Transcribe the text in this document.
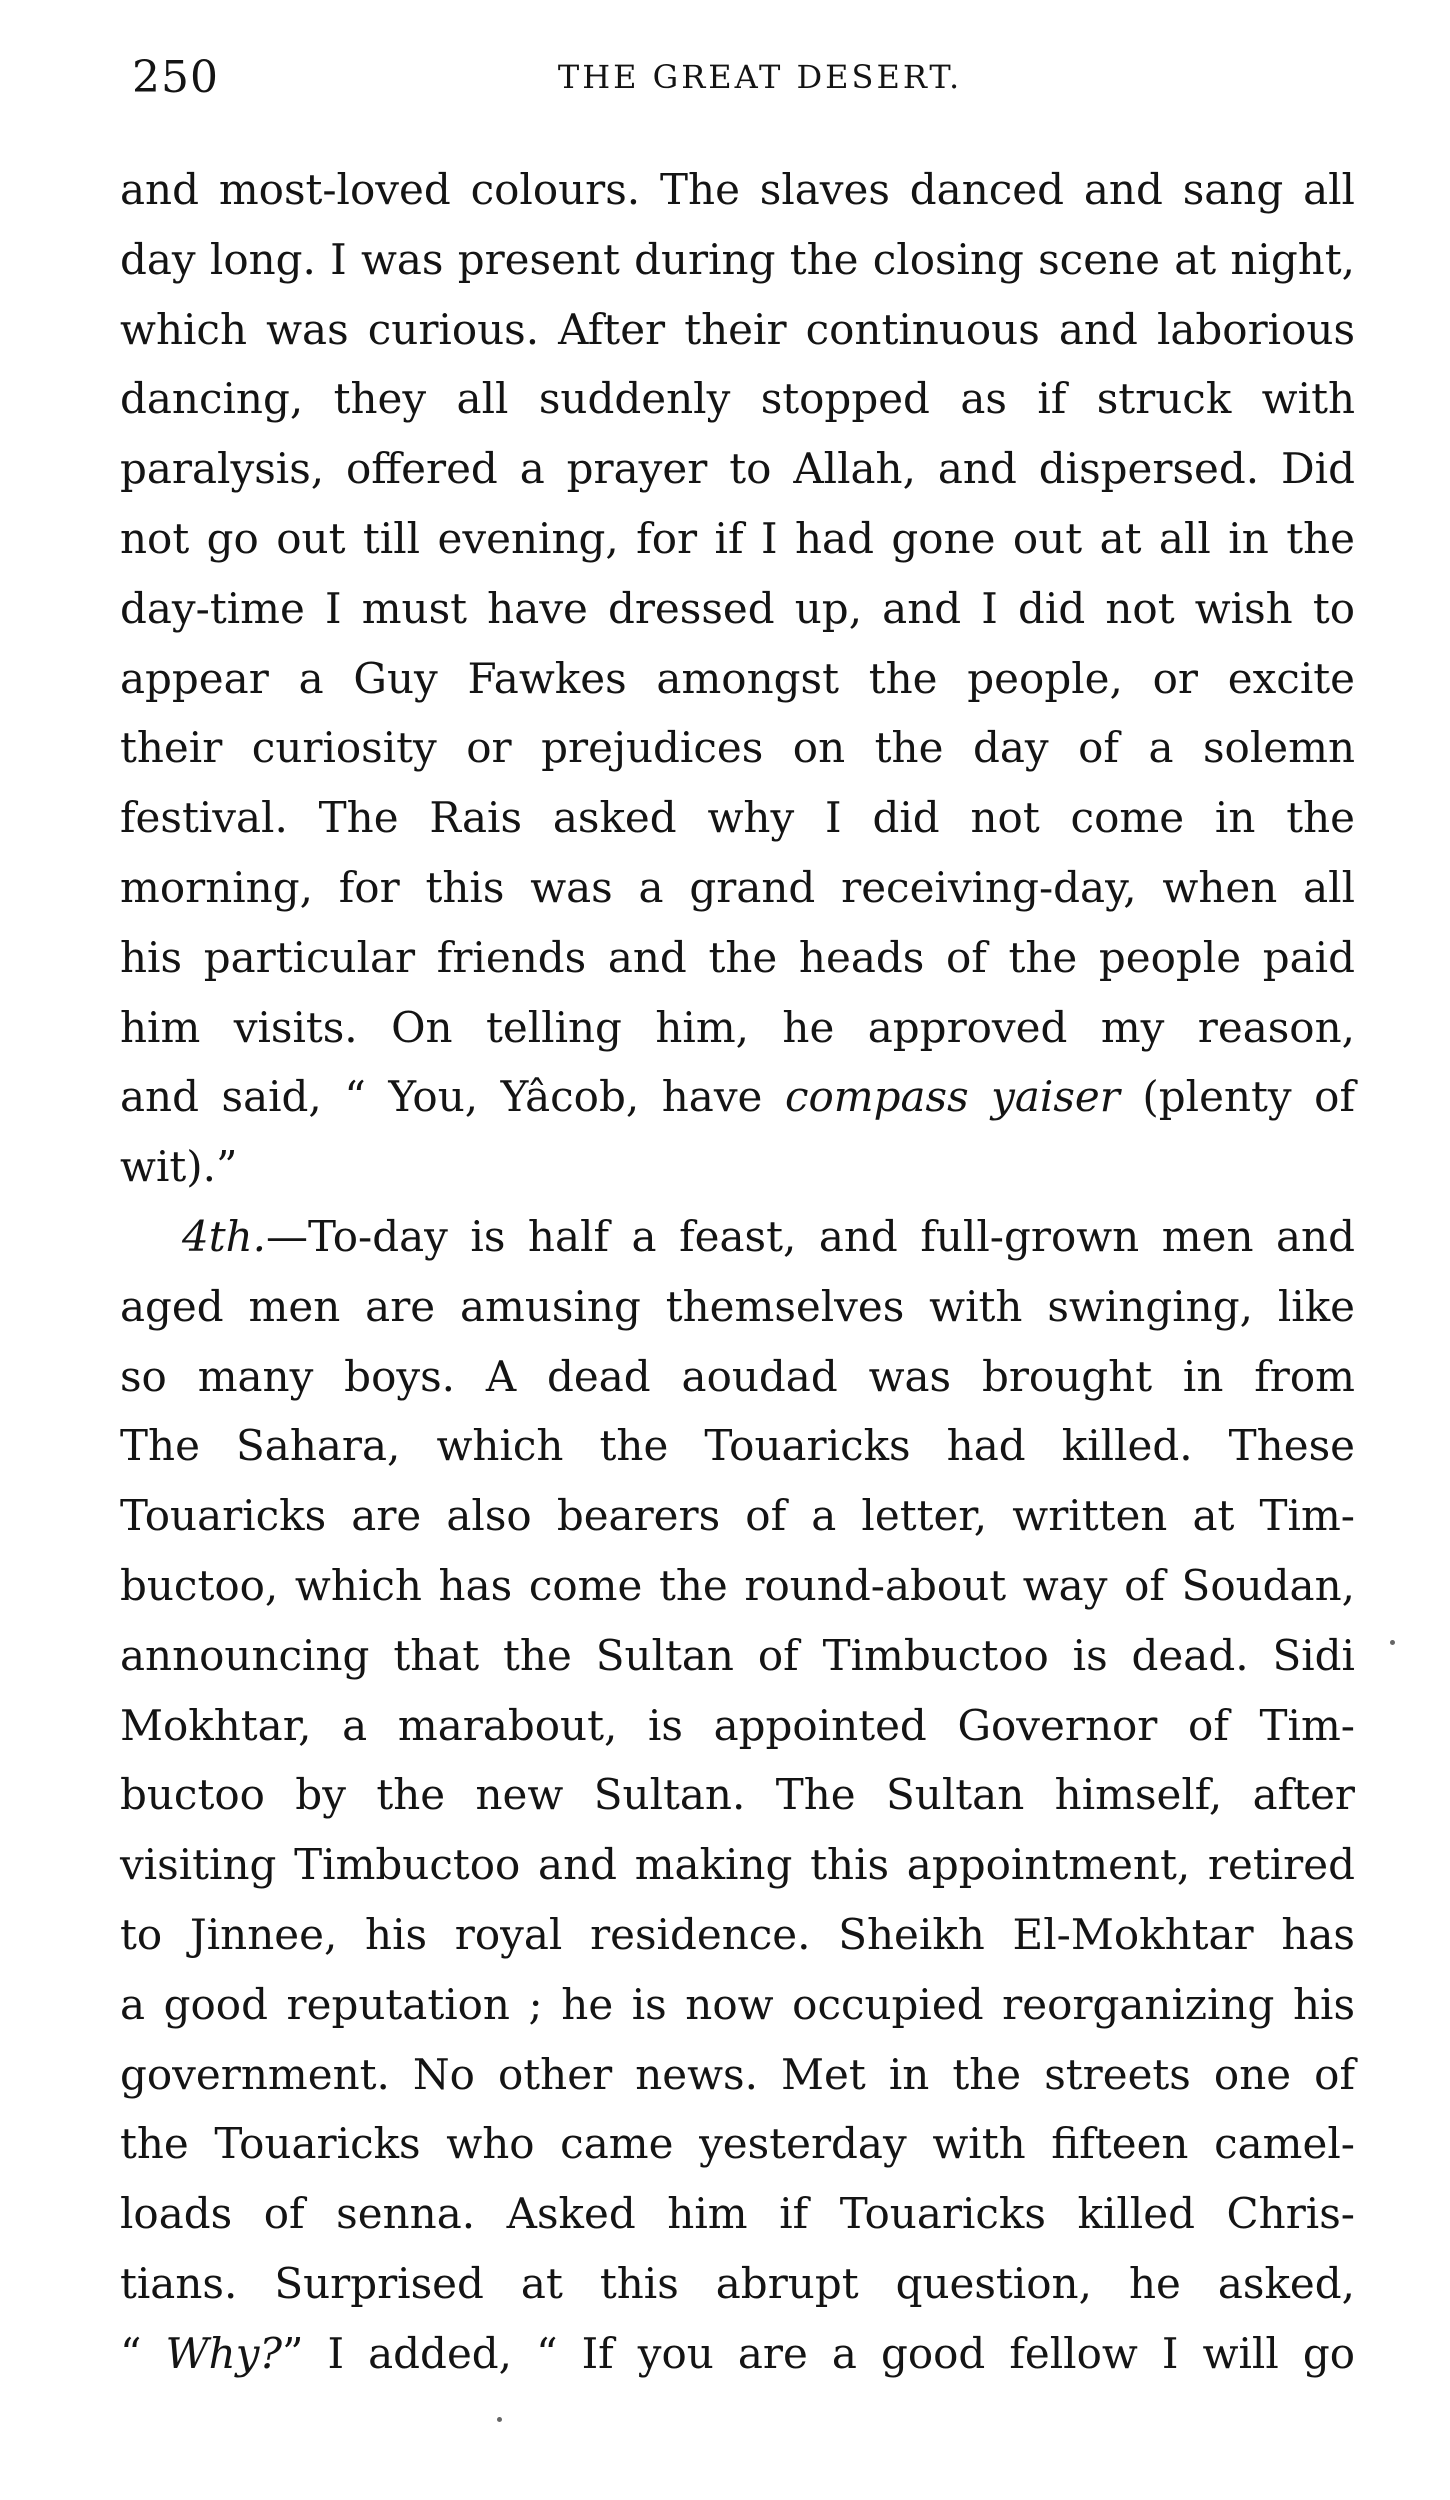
250	THE GREAT DESERT.
and most-loved colours. The slaves danced and sang all
day long. I was present during the closing scene at night,
which was curious. After their continuous and laborious
dancing, they all suddenly stopped as if struck with
paralysis, offered a prayer to Allah, and dispersed. Did
not go out till evening, for if I had gone out at all in the
day-time I must have dressed up, and I did not wish to
appear a Guy Fawkes amongst the people, or excite
their curiosity or prejudices on the day of a solemn
festival. The Rais asked why I did not come in the
morning, for this was a grand receiving-day, when all
his particular friends and the heads of the people paid
him visits. On telling him, he approved my reason,
and said, “ You, Yâcob, have compass yaiser (plenty of
wit).”
4th.—To-day is half a feast, and full-grown men and
aged men are amusing themselves with swinging, like
so many boys. A dead aoudad was brought in from
The Sahara, which the Touaricks had killed. These
Touaricks are also bearers of a letter, written at Tim-
buctoo, which has come the round-about way of Soudan,
announcing that the Sultan of Timbuctoo is dead. Sidi
Mokhtar, a marabout, is appointed Governor of Tim-
buctoo by the new Sultan. The Sultan himself, after
visiting Timbuctoo and making this appointment, retired
to Jinnee, his royal residence. Sheikh El-Mokhtar has
a good reputation ; he is now occupied reorganizing his
government. No other news. Met in the streets one of
the Touaricks who came yesterday with fifteen camel-
loads of senna. Asked him if Touaricks killed Chris-
tians. Surprised at this abrupt question, he asked,
“ Why?” I added, “ If you are a good fellow I will go
